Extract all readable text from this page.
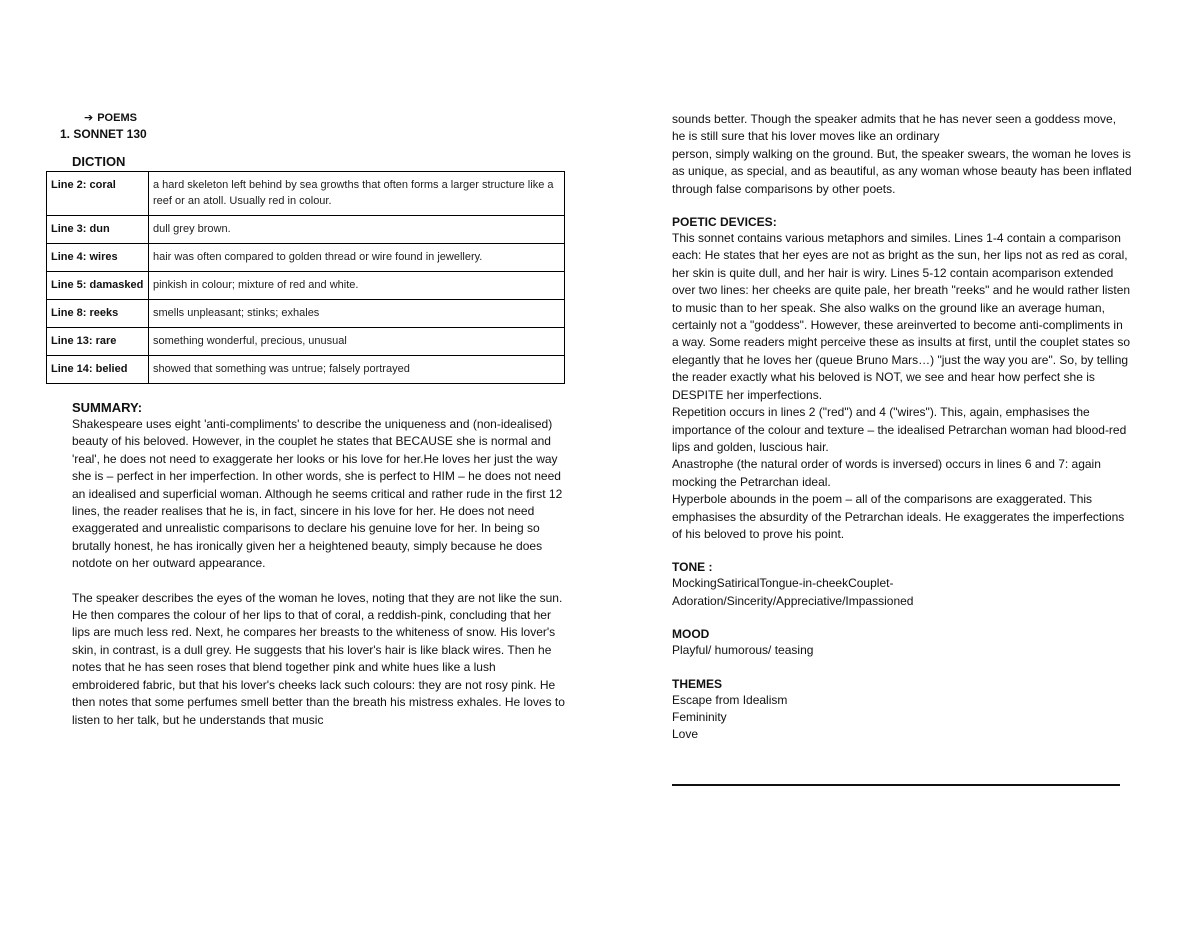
➔ POEMS
1. SONNET 130
DICTION
Line 2: coral	a hard skeleton left behind by sea growths that often forms a larger structure like a reef or an atoll. Usually red in colour.
Line 3: dun	dull grey brown.
Line 4: wires	hair was often compared to golden thread or wire found in jewellery.
Line 5: damasked	pinkish in colour; mixture of red and white.
Line 8: reeks	smells unpleasant; stinks; exhales
Line 13: rare	something wonderful, precious, unusual
Line 14: belied	showed that something was untrue; falsely portrayed
SUMMARY:

Shakespeare uses eight 'anti-compliments' to describe the uniqueness and (non-idealised) beauty of his beloved. However, in the couplet he states that BECAUSE she is normal and 'real', he does not need to exaggerate her looks or his love for her.He loves her just the way she is – perfect in her imperfection. In other words, she is perfect to HIM – he does not need an idealised and superficial woman. Although he seems critical and rather rude in the first 12 lines, the reader realises that he is, in fact, sincere in his love for her. He does not need exaggerated and unrealistic comparisons to declare his genuine love for her. In being so brutally honest, he has ironically given her a heightened beauty, simply because he does notdote on her outward appearance.

The speaker describes the eyes of the woman he loves, noting that they are not like the sun. He then compares the colour of her lips to that of coral, a reddish-pink, concluding that her lips are much less red. Next, he compares her breasts to the whiteness of snow. His lover's skin, in contrast, is a dull grey. He suggests that his lover's hair is like black wires. Then he notes that he has seen roses that blend together pink and white hues like a lush embroidered fabric, but that his lover's cheeks lack such colours: they are not rosy pink. He then notes that some perfumes smell better than the breath his mistress exhales. He loves to listen to her talk, but he understands that music

sounds better. Though the speaker admits that he has never seen a goddess move, he is still sure that his lover moves like an ordinary

person, simply walking on the ground. But, the speaker swears, the woman he loves is as unique, as special, and as beautiful, as any woman whose beauty has been inflated through false comparisons by other poets.

POETIC DEVICES:

This sonnet contains various metaphors and similes. Lines 1-4 contain a comparison each: He states that her eyes are not as bright as the sun, her lips not as red as coral, her skin is quite dull, and her hair is wiry. Lines 5-12 contain acomparison extended over two lines: her cheeks are quite pale, her breath "reeks" and he would rather listen to music than to her speak. She also walks on the ground like an average human, certainly not a "goddess". However, these areinverted to become anti-compliments in a way. Some readers might perceive these as insults at first, until the couplet states so elegantly that he loves her (queue Bruno Mars…) "just the way you are". So, by telling the reader exactly what his beloved is NOT, we see and hear how perfect she is DESPITE her imperfections.

Repetition occurs in lines 2 ("red") and 4 ("wires"). This, again, emphasises the importance of the colour and texture – the idealised Petrarchan woman had blood-red lips and golden, luscious hair.

Anastrophe (the natural order of words is inversed) occurs in lines 6 and 7: again mocking the Petrarchan ideal.

Hyperbole abounds in the poem – all of the comparisons are exaggerated. This emphasises the absurdity of the Petrarchan ideals. He exaggerates the imperfections of his beloved to prove his point.

TONE :
MockingSatiricalTongue-in-cheekCouplet-
Adoration/Sincerity/Appreciative/Impassioned
MOOD
Playful/ humorous/ teasing
THEMES
Escape from Idealism
Femininity
Love
